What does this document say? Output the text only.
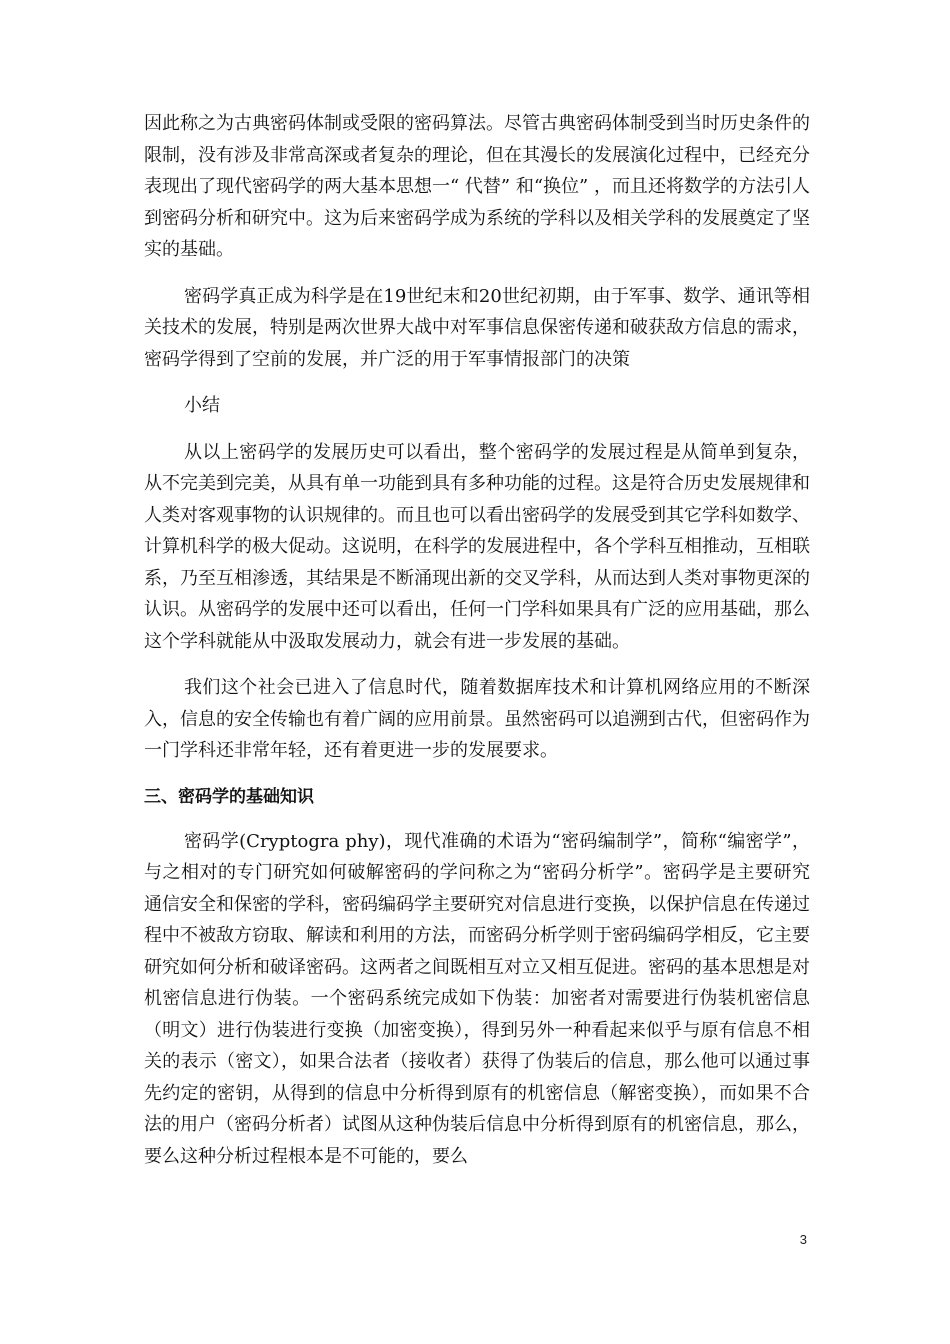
因此称之为古典密码体制或受限的密码算法。尽管古典密码体制受到当时历史条件的限制，没有涉及非常高深或者复杂的理论，但在其漫长的发展演化过程中，已经充分表现出了现代密码学的两大基本思想一“ 代替” 和“换位” ，而且还将数学的方法引人到密码分析和研究中。这为后来密码学成为系统的学科以及相关学科的发展奠定了坚实的基础。

密码学真正成为科学是在19世纪末和20世纪初期，由于军事、数学、通讯等相关技术的发展，特别是两次世界大战中对军事信息保密传递和破获敌方信息的需求，密码学得到了空前的发展，并广泛的用于军事情报部门的决策

小结

从以上密码学的发展历史可以看出，整个密码学的发展过程是从简单到复杂，从不完美到完美，从具有单一功能到具有多种功能的过程。这是符合历史发展规律和人类对客观事物的认识规律的。而且也可以看出密码学的发展受到其它学科如数学、计算机科学的极大促动。这说明，在科学的发展进程中，各个学科互相推动，互相联系，乃至互相渗透，其结果是不断涌现出新的交叉学科，从而达到人类对事物更深的认识。从密码学的发展中还可以看出，任何一门学科如果具有广泛的应用基础，那么这个学科就能从中汲取发展动力，就会有进一步发展的基础。

我们这个社会已进入了信息时代，随着数据库技术和计算机网络应用的不断深入，信息的安全传输也有着广阔的应用前景。虽然密码可以追溯到古代，但密码作为一门学科还非常年轻，还有着更进一步的发展要求。

三、密码学的基础知识

密码学(Cryptogra phy)，现代准确的术语为“密码编制学”，简称“编密学”，与之相对的专门研究如何破解密码的学问称之为“密码分析学”。密码学是主要研究通信安全和保密的学科，密码编码学主要研究对信息进行变换，以保护信息在传递过程中不被敌方窃取、解读和利用的方法，而密码分析学则于密码编码学相反，它主要研究如何分析和破译密码。这两者之间既相互对立又相互促进。密码的基本思想是对机密信息进行伪装。一个密码系统完成如下伪装：加密者对需要进行伪装机密信息（明文）进行伪装进行变换（加密变换），得到另外一种看起来似乎与原有信息不相关的表示（密文），如果合法者（接收者）获得了伪装后的信息，那么他可以通过事先约定的密钥，从得到的信息中分析得到原有的机密信息（解密变换），而如果不合法的用户（密码分析者）试图从这种伪装后信息中分析得到原有的机密信息，那么，要么这种分析过程根本是不可能的，要么

3
